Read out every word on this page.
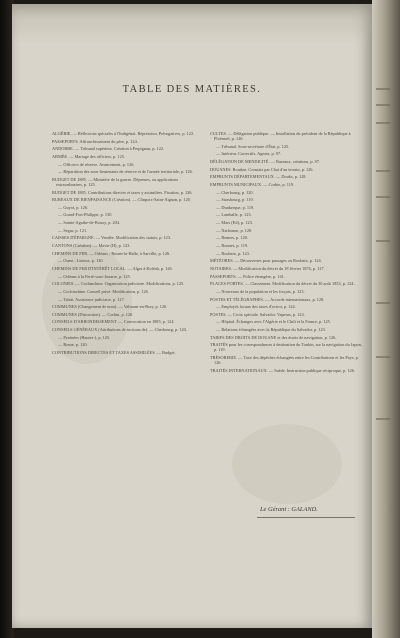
TABLE DES MATIÈRES.
ALGÉRIE. — Réflexions spéciales à l'Indigénat. Répression. Prérogatives, p. 122.
PASSEPORTS. Affranchissement du père, p. 124.
ANDORRE. — Tribunal supérieur. Création à Perpignan, p. 122.
ARMÉE. — Mariage des officiers, p. 125.
— Officiers de réserve. Avancement, p. 126.
— Répartition des sous-lieutenants de réserve et de l'armée territoriale, p. 126.
BUDGET DE 1885. — Ministère de la guerre. Dépenses, ou applications extraordinaires, p. 125.
BUDGET DE 1885. Contributions directes et taxes y assimilées. Fixation, p. 126.
BUREAUX DE BIENFAISANCE (Création). — Clinpoix-Saint-Aignan, p. 120.
— Guyot, p. 126.
— Grand-Fort-Philippe, p. 130.
— Sainte-Agathe-de-Bouxy, p. 204.
— Segur, p. 121.
CAISSES D'ÉPARGNE. — Vendée. Modification des statuts, p. 123.
CANTONS (Création). — Mavie (H), p. 123.
CHEMINS DE FER. — Orléans ; Rouen-la-Halle, à Sarville, p. 126.
— Ouest ; Lisieux, p. 130.
CHEMINS DE FER D'INTÉRÊT LOCAL. — Alger à Koléah, p. 126.
— Orléans à la Ferté-sous-Jouarre, p. 125.
COLONIES. — Cochinchine. Organisation judiciaire. Modifications, p. 125.
— Cochinchine. Conseil privé. Modification, p. 126.
— Tahiti. Assistance judiciaire, p. 127.
COMMUNES (Changement de nom). — Valmont-en-Bray, p. 120.
COMMUNES (Distraction). — Corbin, p. 120.
CONSEILS D'ARRONDISSEMENT. — Convocation en 1885, p. 124.
CONSEILS GÉNÉRAUX (Attributions de sections de). — Cherbourg, p. 120.
— Pyrénées (Hautes-), p. 125.
— Rome, p. 120.
CONTRIBUTIONS DIRECTES ET TAXES ASSIMILÉES. — Budget.
CULTES. — Délégation publique. — Installation du président de la République à Ploërmel, p. 126.
— Tribunal. Sous-secrétaire d'État, p. 125.
— Intérieur. Correctifs. Agents, p. 97.
DÉLÉGATION DE MENDICITÉ. — Bureaux, créations, p. 97.
DOUANES. Routine. Constats par Chat d'un terrain, p. 126.
EMPRUNTS DÉPARTEMENTAUX. — Doubs, p. 128.
EMPRUNTS MUNICIPAUX. — Corbie, p. 119.
— Cherbourg, p. 120.
— Strasbourg, p. 119.
— Dunkerque, p. 119.
— Lamballe, p. 123.
— Mars (Ed), p. 123.
— Narbonne, p. 120.
— Rennes, p. 120.
— Ronnes, p. 119.
— Roubaix, p. 123.
MÉTÉORES. — Découvertes pour passages ou Roubaix, p. 124.
NOTAIRES. — Modification du décret du 18 février 1876, p. 127.
PASSEPORTS. — Police étrangère, p. 141.
PLACES FORTES. — Classement. Modification du décret du 30 août 1853, p. 124.
— Nouveaux de la population et les forçats, p. 123.
POSTES ET TÉLÉGRAPHES. — Accords internationaux, p. 128.
— Employés locaux des taxes d'octroi, p. 124.
POSTES. — Croix spéciale. Salvador. Vapeurs, p. 123.
— Hôpital. Échanges avec l'Algérie et le Chili et la France, p. 125.
— Relations échangées avec la République du Salvador, p. 123.
TARIFS DES DROITS DE DOUANE et des droits de navigation, p. 126.
TRAITÉS pour les correspondances à destination du Tonkin, sur la navigation du Japon, p. 119.
TRÉSORERIE. — Taxe des dépêches échangées entre les Contributions et les Pays, p. 126.
TRAITÉS INTERNATIONAUX. — Suède. Instruction publique réciproque, p. 126.
Le Gérant : GALAND.
